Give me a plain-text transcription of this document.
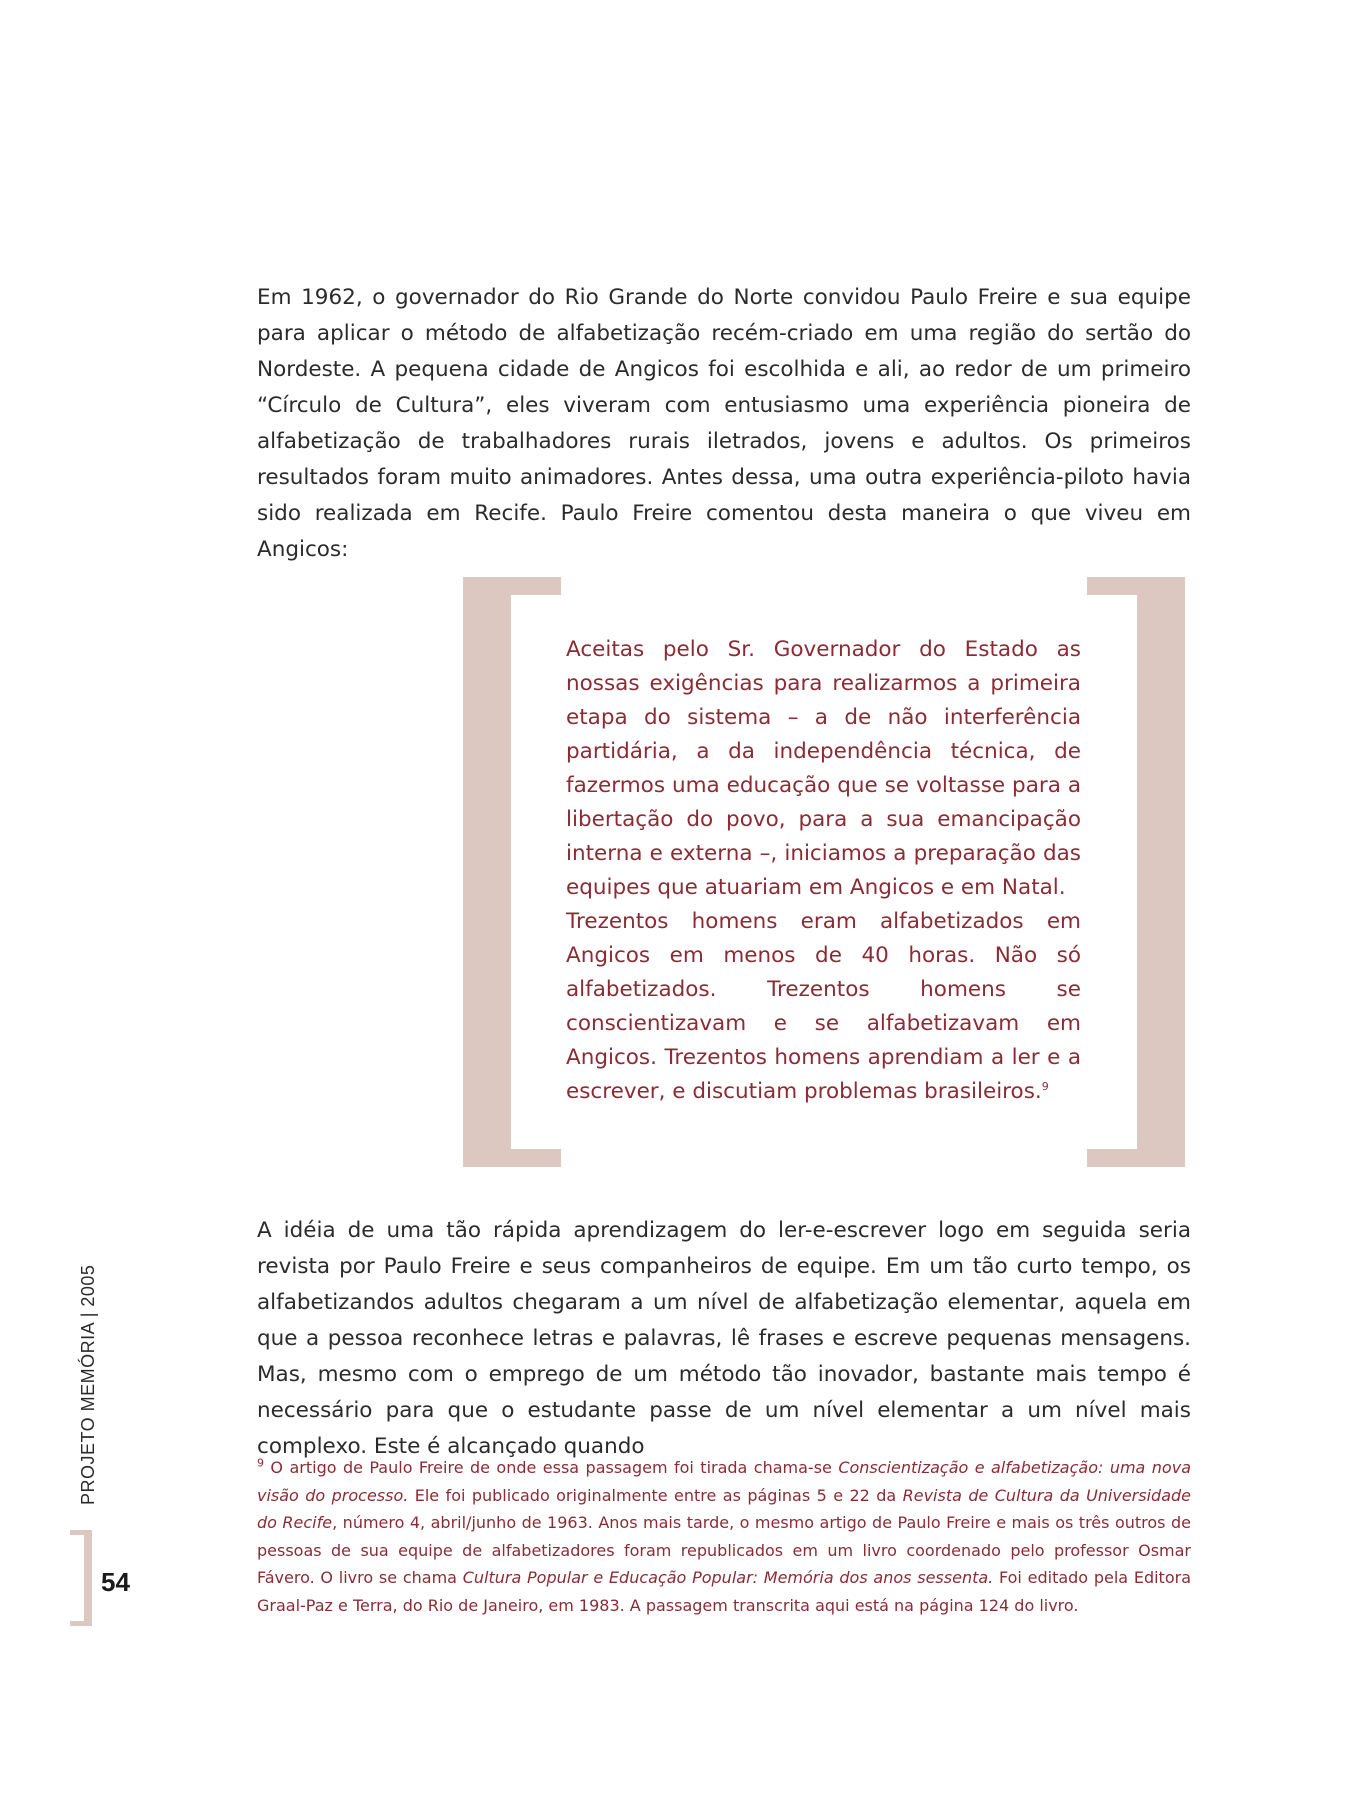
Em 1962, o governador do Rio Grande do Norte convidou Paulo Freire e sua equipe para aplicar o método de alfabetização recém-criado em uma região do sertão do Nordeste. A pequena cidade de Angicos foi escolhida e ali, ao redor de um primeiro “Círculo de Cultura”, eles viveram com entusiasmo uma experiência pioneira de alfabetização de trabalhadores rurais iletrados, jovens e adultos. Os primeiros resultados foram muito animadores. Antes dessa, uma outra experiência-piloto havia sido realizada em Recife. Paulo Freire comentou desta maneira o que viveu em Angicos:

Aceitas pelo Sr. Governador do Estado as nossas exigências para realizarmos a primeira etapa do sistema – a de não interferência partidária, a da independência técnica, de fazermos uma educação que se voltasse para a libertação do povo, para a sua emancipação interna e externa –, iniciamos a preparação das equipes que atuariam em Angicos e em Natal.

Trezentos homens eram alfabetizados em Angicos em menos de 40 horas. Não só alfabetizados. Trezentos homens se conscientizavam e se alfabetizavam em Angicos. Trezentos homens aprendiam a ler e a escrever, e discutiam problemas brasileiros.$^9$

A idéia de uma tão rápida aprendizagem do ler-e-escrever logo em seguida seria revista por Paulo Freire e seus companheiros de equipe. Em um tão curto tempo, os alfabetizandos adultos chegaram a um nível de alfabetização elementar, aquela em que a pessoa reconhece letras e palavras, lê frases e escreve pequenas mensagens. Mas, mesmo com o emprego de um método tão inovador, bastante mais tempo é necessário para que o estudante passe de um nível elementar a um nível mais complexo. Este é alcançado quando

$^9$ O artigo de Paulo Freire de onde essa passagem foi tirada chama-se Conscientização e alfabetização: uma nova visão do processo. Ele foi publicado originalmente entre as páginas 5 e 22 da Revista de Cultura da Universidade do Recife, número 4, abril/junho de 1963. Anos mais tarde, o mesmo artigo de Paulo Freire e mais os três outros de pessoas de sua equipe de alfabetizadores foram republicados em um livro coordenado pelo professor Osmar Fávero. O livro se chama Cultura Popular e Educação Popular: Memória dos anos sessenta. Foi editado pela Editora Graal-Paz e Terra, do Rio de Janeiro, em 1983. A passagem transcrita aqui está na página 124 do livro.

PROJETO MEMÓRIA | 2005
54
